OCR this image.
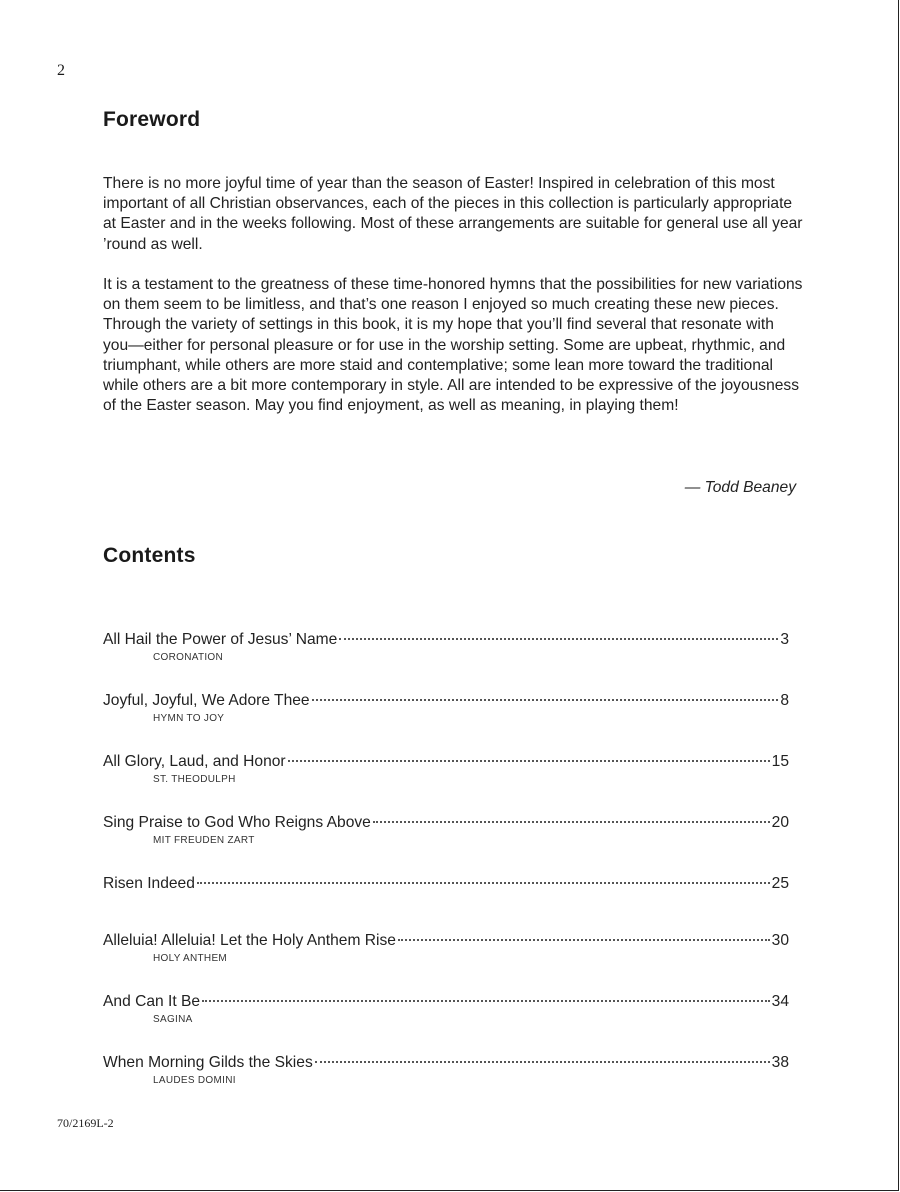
2
Foreword

There is no more joyful time of year than the season of Easter! Inspired in celebration of this most important of all Christian observances, each of the pieces in this collection is particularly appropriate at Easter and in the weeks following. Most of these arrangements are suitable for general use all year ’round as well.

It is a testament to the greatness of these time-honored hymns that the possibilities for new variations on them seem to be limitless, and that’s one reason I enjoyed so much creating these new pieces. Through the variety of settings in this book, it is my hope that you’ll find several that resonate with you—either for personal pleasure or for use in the worship setting. Some are upbeat, rhythmic, and triumphant, while others are more staid and contemplative; some lean more toward the traditional while others are a bit more contemporary in style. All are intended to be expressive of the joyousness of the Easter season. May you find enjoyment, as well as meaning, in playing them!

— Todd Beaney
Contents
All Hail the Power of Jesus’ Name	3
CORONATION
Joyful, Joyful, We Adore Thee	8
HYMN TO JOY
All Glory, Laud, and Honor	15
ST. THEODULPH
Sing Praise to God Who Reigns Above	20
MIT FREUDEN ZART
Risen Indeed	25
Alleluia! Alleluia! Let the Holy Anthem Rise	30
HOLY ANTHEM
And Can It Be	34
SAGINA
When Morning Gilds the Skies	38
LAUDES DOMINI
70/2169L-2
